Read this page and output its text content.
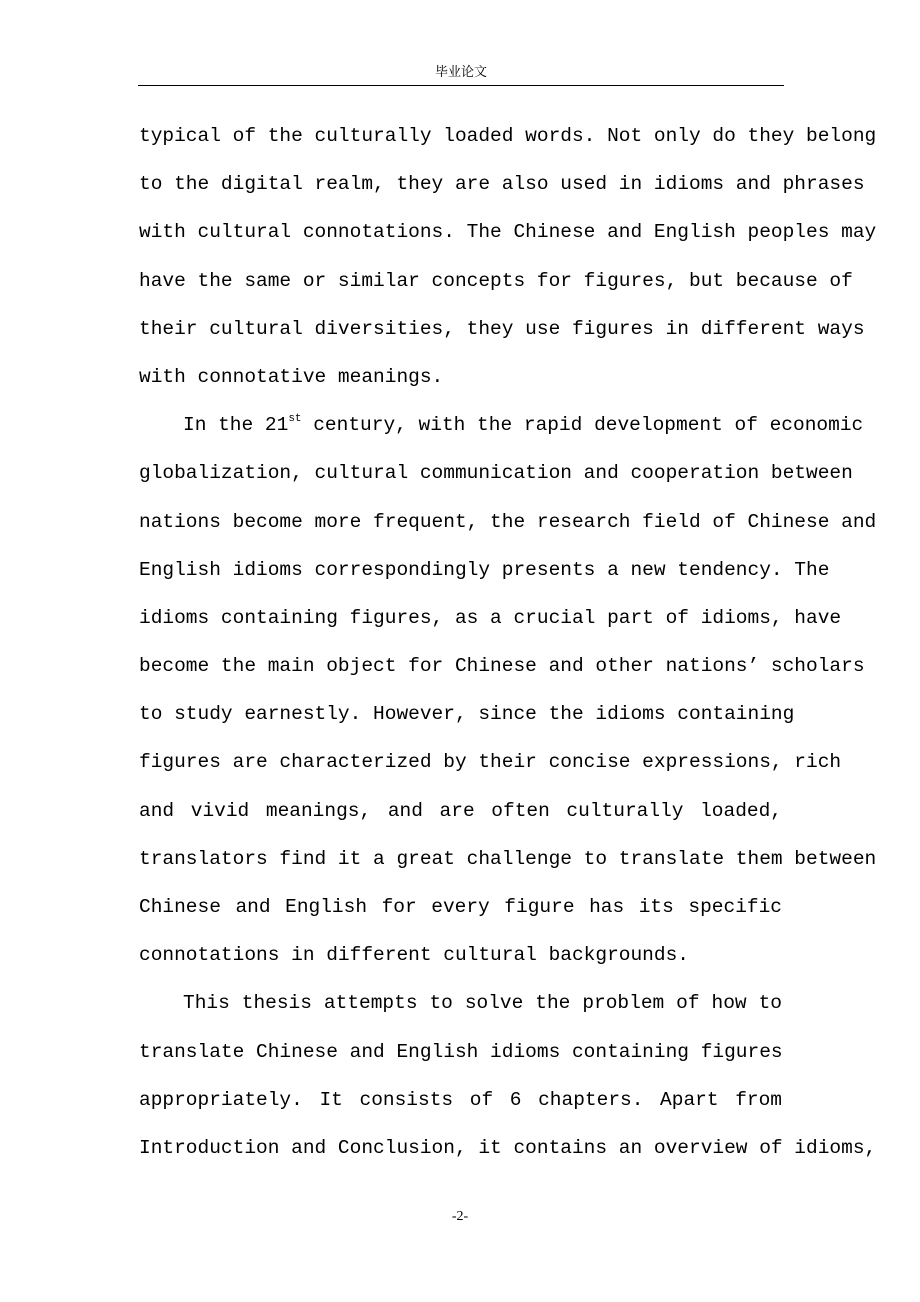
毕业论文
typical of the culturally loaded words. Not only do they belong
to the digital realm, they are also used in idioms and phrases
with cultural connotations. The Chinese and English peoples may
have the same or similar concepts for figures, but because of
their cultural diversities, they use figures in different ways
with connotative meanings.
In the 21st century, with the rapid development of economic
globalization, cultural communication and cooperation between
nations become more frequent, the research field of Chinese and
English idioms correspondingly presents a new tendency. The
idioms containing figures, as a crucial part of idioms, have
become the main object for Chinese and other nations’ scholars
to study earnestly. However, since the idioms containing
figures are characterized by their concise expressions, rich
and vivid meanings, and are often culturally loaded,
translators find it a great challenge to translate them between
Chinese and English for every figure has its specific
connotations in different cultural backgrounds.
This thesis attempts to solve the problem of how to
translate Chinese and English idioms containing figures
appropriately. It consists of 6 chapters. Apart from
Introduction and Conclusion, it contains an overview of idioms,
-2-
